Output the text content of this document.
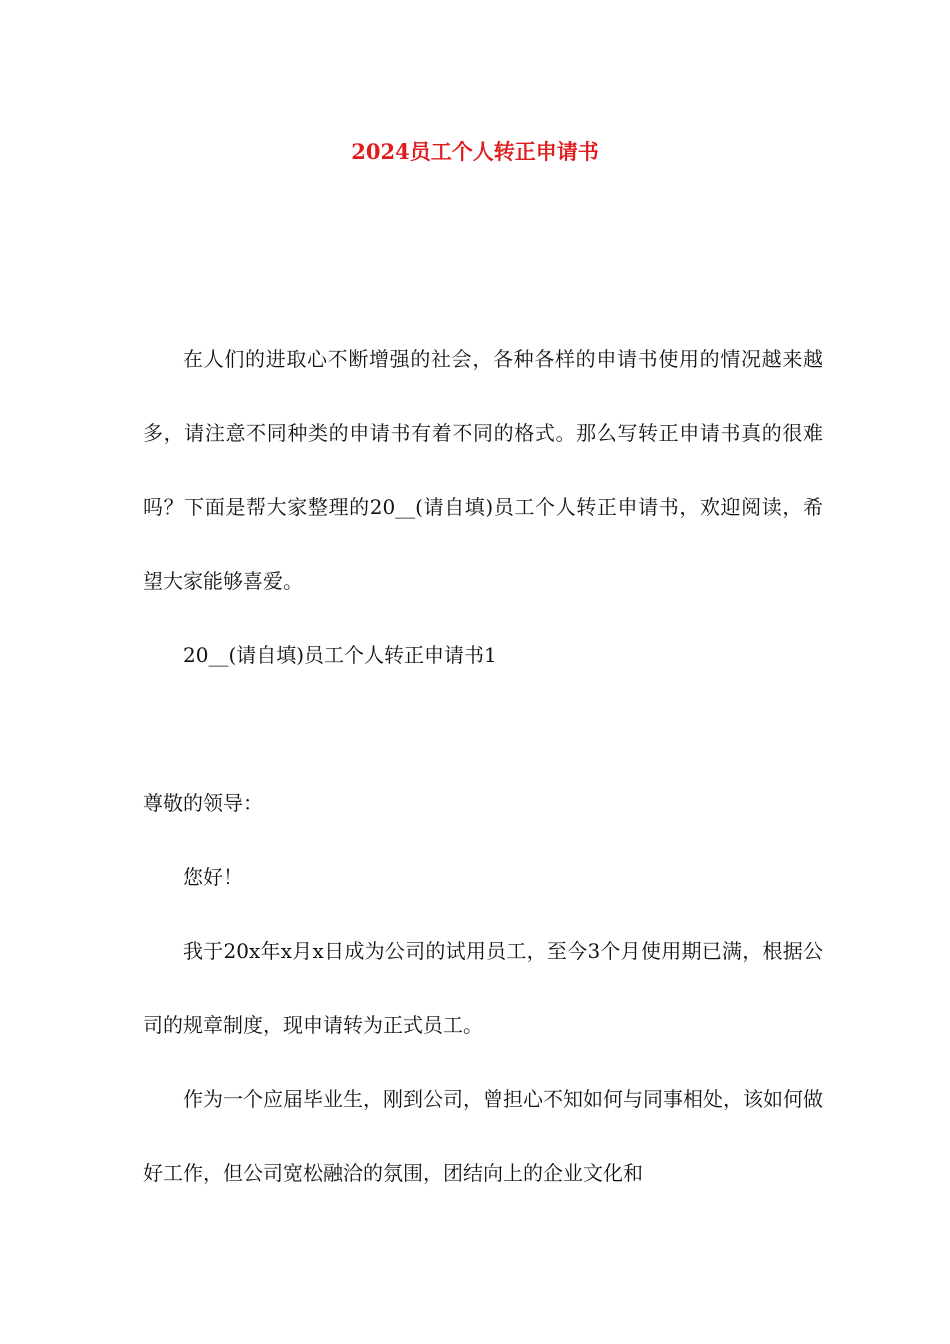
2024员工个人转正申请书

在人们的进取心不断增强的社会，各种各样的申请书使用的情况越来越多，请注意不同种类的申请书有着不同的格式。那么写转正申请书真的很难吗？下面是帮大家整理的20__(请自填)员工个人转正申请书，欢迎阅读，希望大家能够喜爱。

20__(请自填)员工个人转正申请书1

尊敬的领导：

您好！

我于20x年x月x日成为公司的试用员工，至今3个月使用期已满，根据公司的规章制度，现申请转为正式员工。

作为一个应届毕业生，刚到公司，曾担心不知如何与同事相处，该如何做好工作，但公司宽松融洽的氛围，团结向上的企业文化和
